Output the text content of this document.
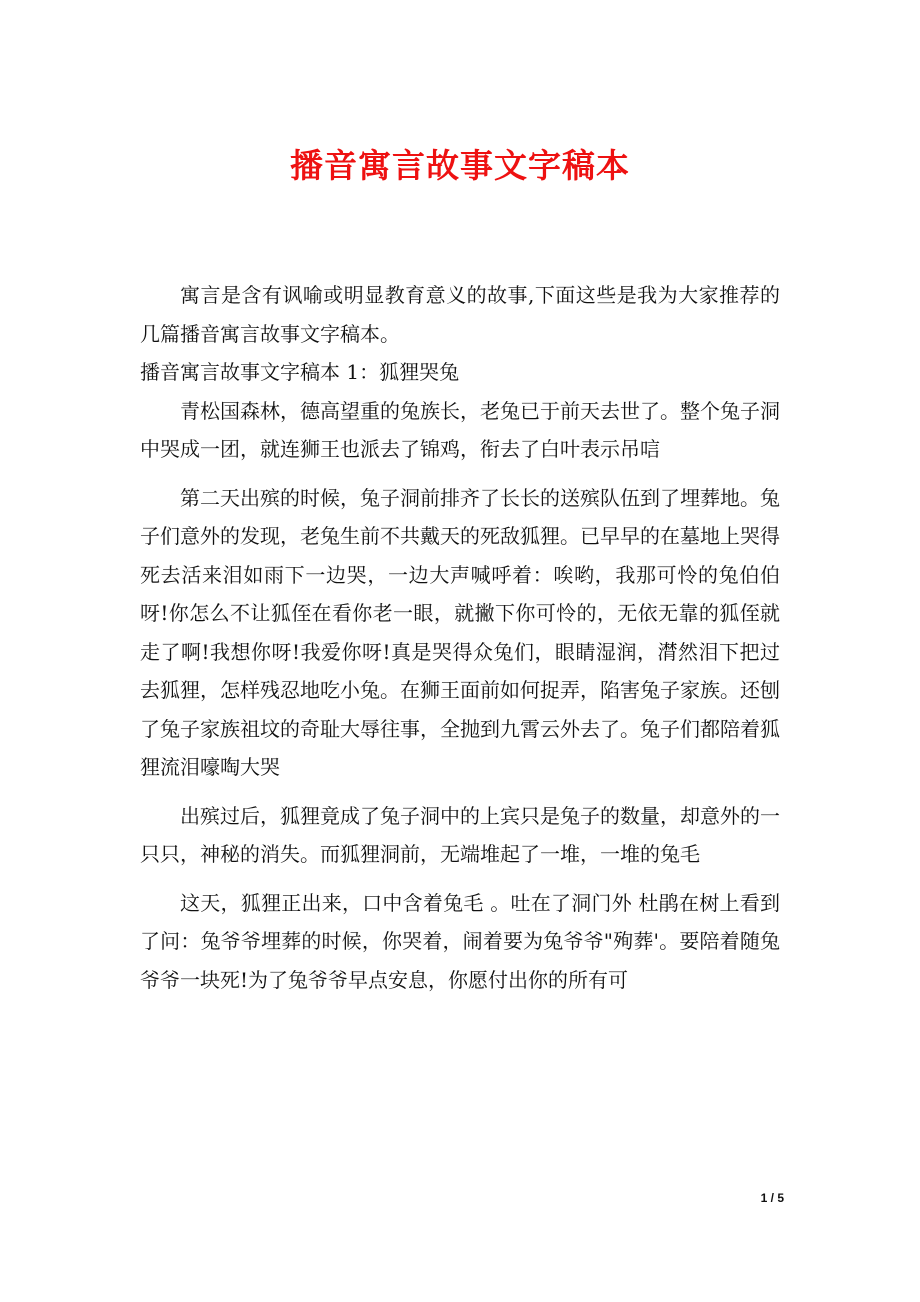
播音寓言故事文字稿本

寓言是含有讽喻或明显教育意义的故事,下面这些是我为大家推荐的几篇播音寓言故事文字稿本。

播音寓言故事文字稿本 1：狐狸哭兔

青松国森林，德高望重的兔族长，老兔已于前天去世了。整个兔子洞中哭成一团，就连狮王也派去了锦鸡，衔去了白叶表示吊唁

第二天出殡的时候，兔子洞前排齐了长长的送殡队伍到了埋葬地。兔子们意外的发现，老兔生前不共戴天的死敌狐狸。已早早的在墓地上哭得死去活来泪如雨下一边哭，一边大声喊呼着：唉哟，我那可怜的兔伯伯呀!你怎么不让狐侄在看你老一眼，就撇下你可怜的，无依无靠的狐侄就走了啊!我想你呀!我爱你呀!真是哭得众兔们，眼睛湿润，潸然泪下把过去狐狸，怎样残忍地吃小兔。在狮王面前如何捉弄，陷害兔子家族。还刨了兔子家族祖坟的奇耻大辱往事，全抛到九霄云外去了。兔子们都陪着狐狸流泪嚎啕大哭

出殡过后，狐狸竟成了兔子洞中的上宾只是兔子的数量，却意外的一只只，神秘的消失。而狐狸洞前，无端堆起了一堆，一堆的兔毛

这天，狐狸正出来，口中含着兔毛 。吐在了洞门外 杜鹃在树上看到了问：兔爷爷埋葬的时候，你哭着，闹着要为兔爷爷"殉葬'。要陪着随兔爷爷一块死!为了兔爷爷早点安息，你愿付出你的所有可

1 / 5
